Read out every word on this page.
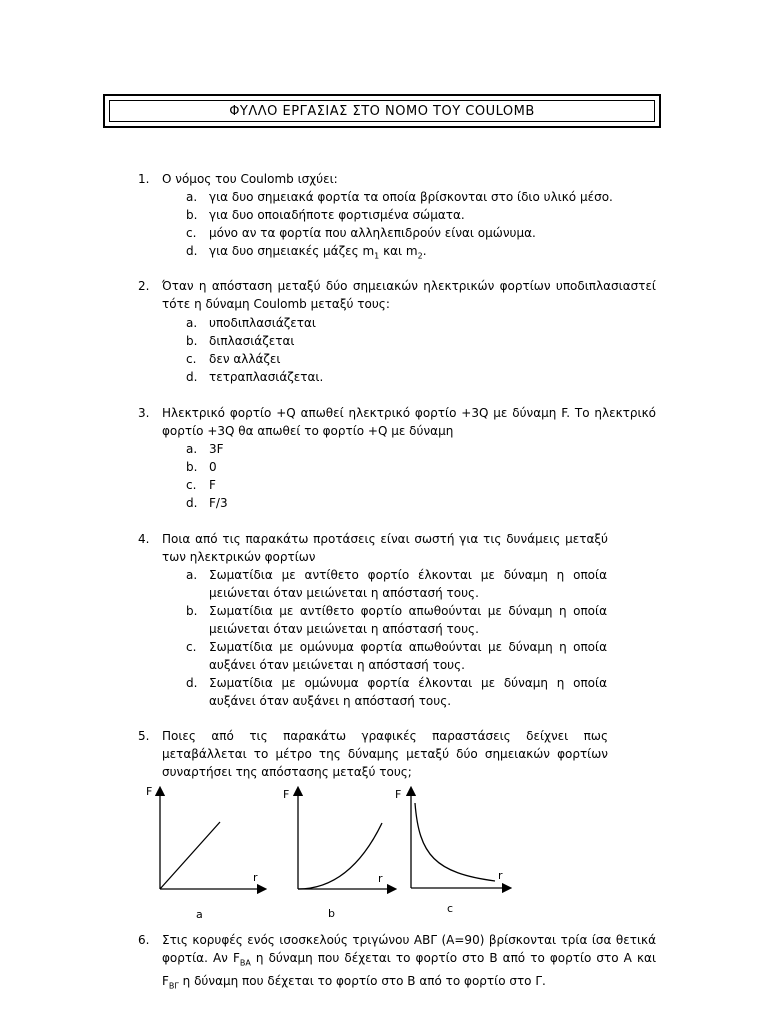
ΦΥΛΛΟ ΕΡΓΑΣΙΑΣ ΣΤΟ ΝΟΜΟ ΤΟΥ COULOMB
1. Ο νόμος του Coulomb ισχύει:
a. για δυο σημειακά φορτία τα οποία βρίσκονται στο ίδιο υλικό μέσο.
b. για δυο οποιαδήποτε φορτισμένα σώματα.
c. μόνο αν τα φορτία που αλληλεπιδρούν είναι ομώνυμα.
d. για δυο σημειακές μάζες $m_1$ και $m_2$.
2. Όταν η απόσταση μεταξύ δύο σημειακών ηλεκτρικών φορτίων υποδιπλασιαστεί τότε η δύναμη Coulomb μεταξύ τους:
a. υποδιπλασιάζεται
b. διπλασιάζεται
c. δεν αλλάζει
d. τετραπλασιάζεται.
3. Ηλεκτρικό φορτίο +Q απωθεί ηλεκτρικό φορτίο +3Q με δύναμη F. Το ηλεκτρικό φορτίο +3Q θα απωθεί το φορτίο +Q με δύναμη
a. 3F
b. 0
c. F
d. F/3
4. Ποια από τις παρακάτω προτάσεις είναι σωστή για τις δυνάμεις μεταξύ των ηλεκτρικών φορτίων
a. Σωματίδια με αντίθετο φορτίο έλκονται με δύναμη η οποία μειώνεται όταν μειώνεται η απόστασή τους.
b. Σωματίδια με αντίθετο φορτίο απωθούνται με δύναμη η οποία μειώνεται όταν μειώνεται η απόστασή τους.
c. Σωματίδια με ομώνυμα φορτία απωθούνται με δύναμη η οποία αυξάνει όταν μειώνεται η απόστασή τους.
d. Σωματίδια με ομώνυμα φορτία έλκονται με δύναμη η οποία αυξάνει όταν αυξάνει η απόστασή τους.
5. Ποιες από τις παρακάτω γραφικές παραστάσεις δείχνει πως μεταβάλλεται το μέτρο της δύναμης μεταξύ δύο σημειακών φορτίων συναρτήσει της απόστασης μεταξύ τους;
F
r
a
F
r
b
F
r
c
6. Στις κορυφές ενός ισοσκελούς τριγώνου ΑΒΓ (Α=90) βρίσκονται τρία ίσα θετικά φορτία. Αν $F_{BA}$ η δύναμη που δέχεται το φορτίο στο Β από το φορτίο στο Α και $F_{B\Gamma}$ η δύναμη που δέχεται το φορτίο στο Β από το φορτίο στο Γ.
